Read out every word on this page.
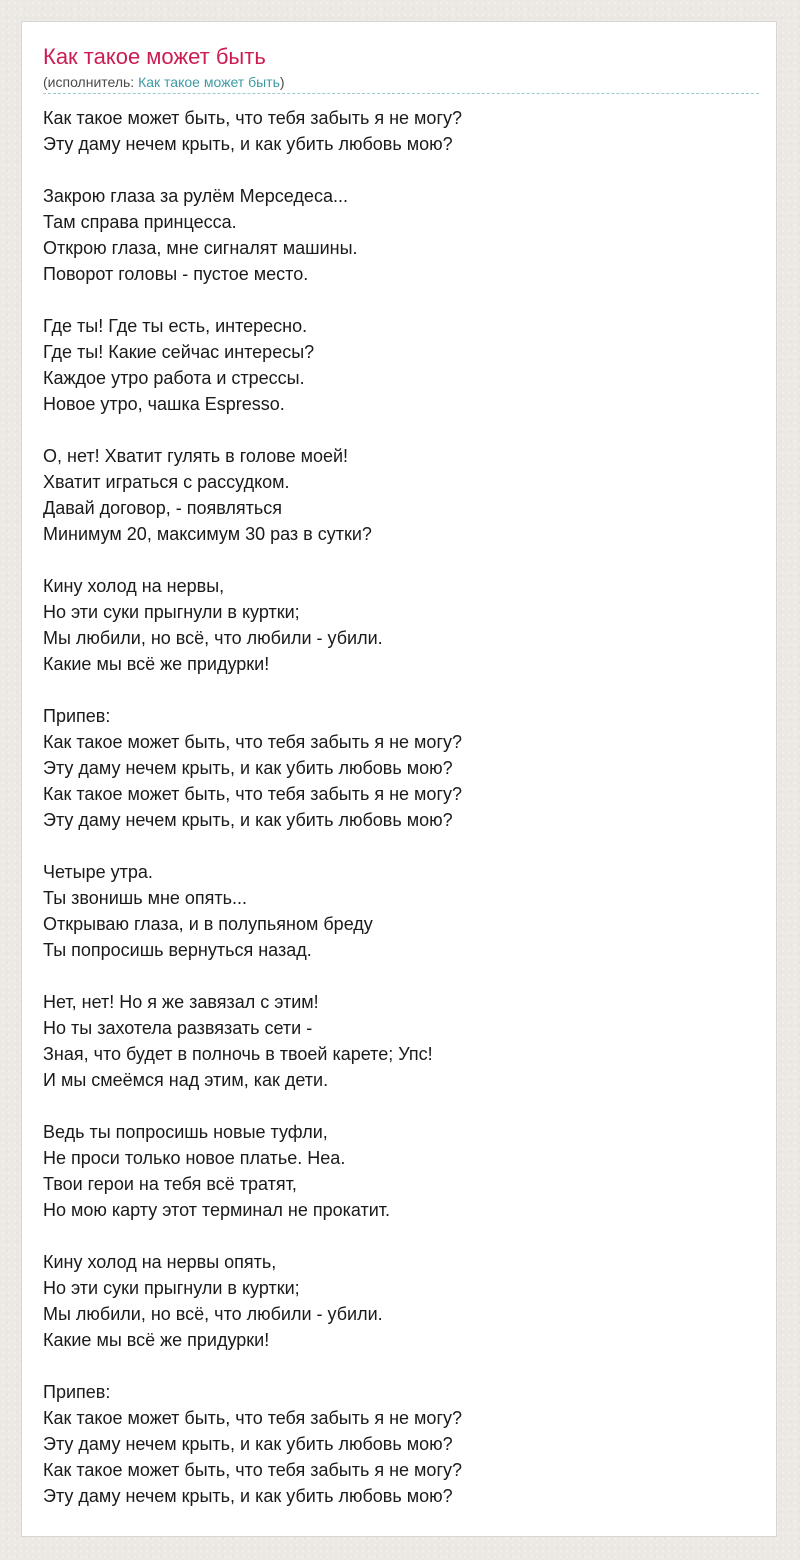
Как такое может быть
(исполнитель: Как такое может быть)
Как такое может быть, что тебя забыть я не могу?
Эту даму нечем крыть, и как убить любовь мою?
Закрою глаза за рулём Мерседеса...
Там справа принцесса.
Открою глаза, мне сигналят машины.
Поворот головы - пустое место.
Где ты! Где ты есть, интересно.
Где ты! Какие сейчас интересы?
Каждое утро работа и стрессы.
Новое утро, чашка Espresso.
О, нет! Хватит гулять в голове моей!
Хватит играться с рассудком.
Давай договор, - появляться
Минимум 20, максимум 30 раз в сутки?
Кину холод на нервы,
Но эти суки прыгнули в куртки;
Мы любили, но всё, что любили - убили.
Какие мы всё же придурки!
Припев:
Как такое может быть, что тебя забыть я не могу?
Эту даму нечем крыть, и как убить любовь мою?
Как такое может быть, что тебя забыть я не могу?
Эту даму нечем крыть, и как убить любовь мою?
Четыре утра.
Ты звонишь мне опять...
Открываю глаза, и в полупьяном бреду
Ты попросишь вернуться назад.
Нет, нет! Но я же завязал с этим!
Но ты захотела развязать сети -
Зная, что будет в полночь в твоей карете; Упс!
И мы смеёмся над этим, как дети.
Ведь ты попросишь новые туфли,
Не проси только новое платье. Неа.
Твои герои на тебя всё тратят,
Но мою карту этот терминал не прокатит.
Кину холод на нервы опять,
Но эти суки прыгнули в куртки;
Мы любили, но всё, что любили - убили.
Какие мы всё же придурки!
Припев:
Как такое может быть, что тебя забыть я не могу?
Эту даму нечем крыть, и как убить любовь мою?
Как такое может быть, что тебя забыть я не могу?
Эту даму нечем крыть, и как убить любовь мою?
